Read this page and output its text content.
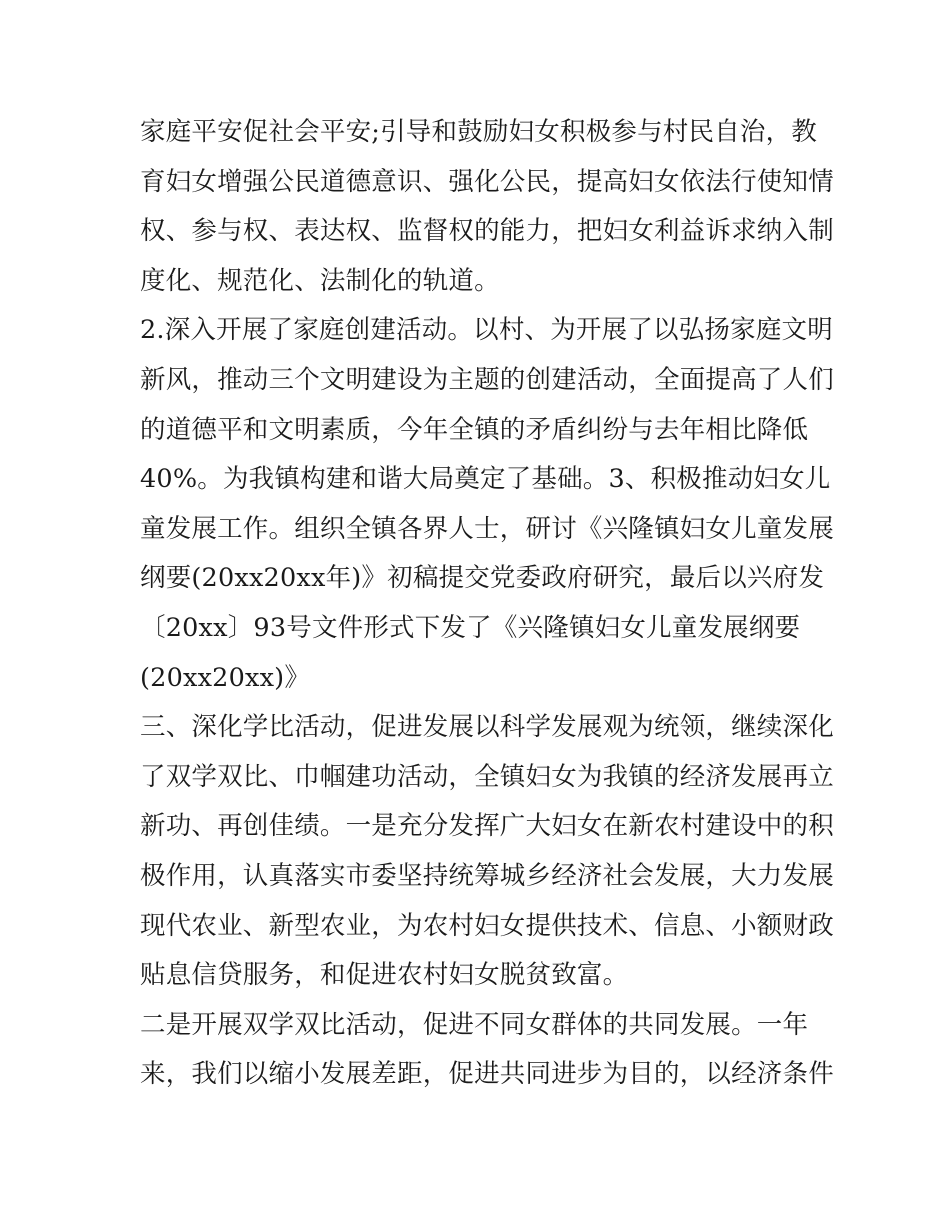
家庭平安促社会平安;引导和鼓励妇女积极参与村民自治，教
育妇女增强公民道德意识、强化公民，提高妇女依法行使知情
权、参与权、表达权、监督权的能力，把妇女利益诉求纳入制
度化、规范化、法制化的轨道。
2.深入开展了家庭创建活动。以村、为开展了以弘扬家庭文明
新风，推动三个文明建设为主题的创建活动，全面提高了人们
的道德平和文明素质，今年全镇的矛盾纠纷与去年相比降低
40%。为我镇构建和谐大局奠定了基础。3、积极推动妇女儿
童发展工作。组织全镇各界人士，研讨《兴隆镇妇女儿童发展
纲要(20xx20xx年)》初稿提交党委政府研究，最后以兴府发
〔20xx〕93号文件形式下发了《兴隆镇妇女儿童发展纲要
(20xx20xx)》
三、深化学比活动，促进发展以科学发展观为统领，继续深化
了双学双比、巾帼建功活动，全镇妇女为我镇的经济发展再立
新功、再创佳绩。一是充分发挥广大妇女在新农村建设中的积
极作用，认真落实市委坚持统筹城乡经济社会发展，大力发展
现代农业、新型农业，为农村妇女提供技术、信息、小额财政
贴息信贷服务，和促进农村妇女脱贫致富。
二是开展双学双比活动，促进不同女群体的共同发展。一年
来，我们以缩小发展差距，促进共同进步为目的，以经济条件
